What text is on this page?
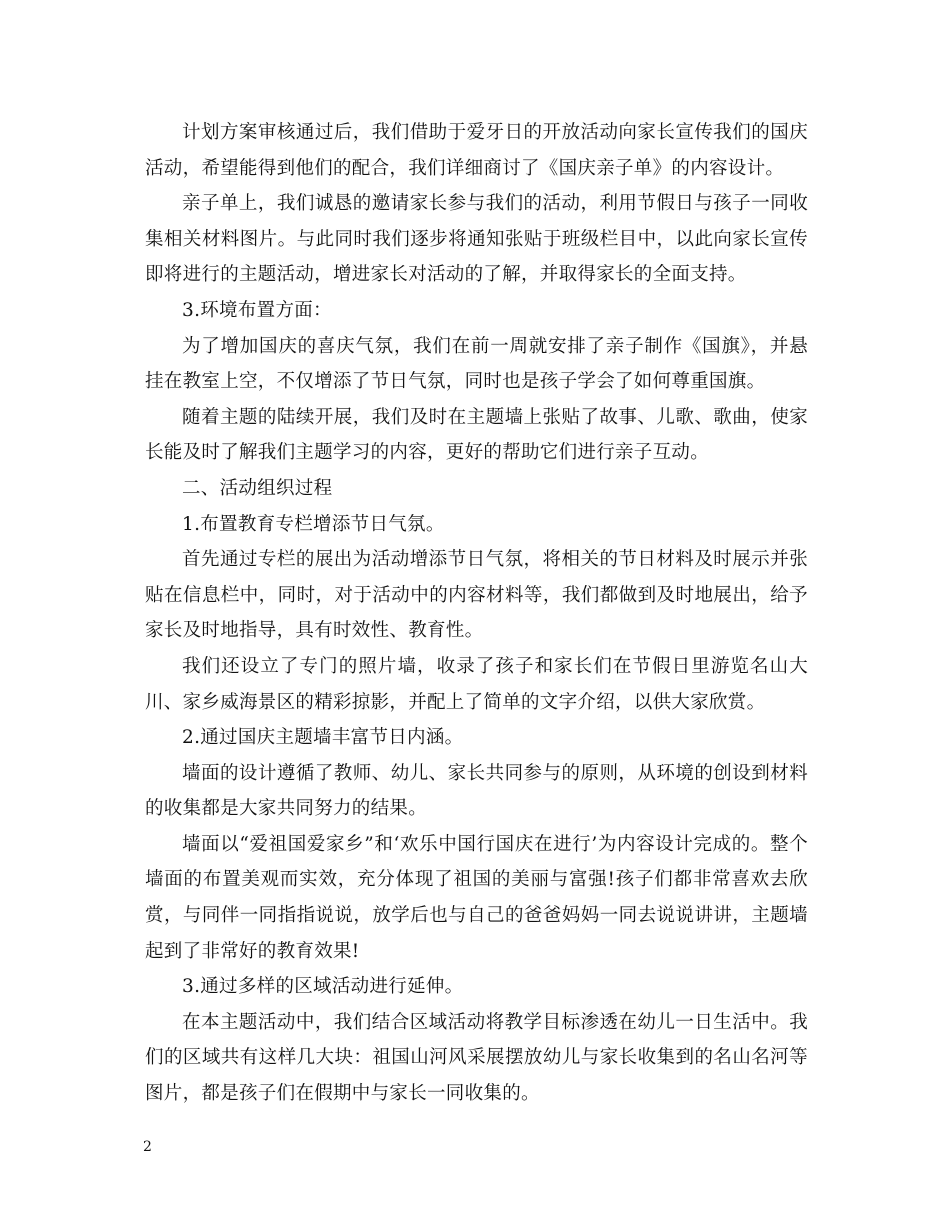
计划方案审核通过后，我们借助于爱牙日的开放活动向家长宣传我们的国庆活动，希望能得到他们的配合，我们详细商讨了《国庆亲子单》的内容设计。

亲子单上，我们诚恳的邀请家长参与我们的活动，利用节假日与孩子一同收集相关材料图片。与此同时我们逐步将通知张贴于班级栏目中，以此向家长宣传即将进行的主题活动，增进家长对活动的了解，并取得家长的全面支持。

3.环境布置方面：

为了增加国庆的喜庆气氛，我们在前一周就安排了亲子制作《国旗》，并悬挂在教室上空，不仅增添了节日气氛，同时也是孩子学会了如何尊重国旗。

随着主题的陆续开展，我们及时在主题墙上张贴了故事、儿歌、歌曲，使家长能及时了解我们主题学习的内容，更好的帮助它们进行亲子互动。

二、活动组织过程

1.布置教育专栏增添节日气氛。

首先通过专栏的展出为活动增添节日气氛，将相关的节日材料及时展示并张贴在信息栏中，同时，对于活动中的内容材料等，我们都做到及时地展出，给予家长及时地指导，具有时效性、教育性。

我们还设立了专门的照片墙，收录了孩子和家长们在节假日里游览名山大川、家乡威海景区的精彩掠影，并配上了简单的文字介绍，以供大家欣赏。

2.通过国庆主题墙丰富节日内涵。

墙面的设计遵循了教师、幼儿、家长共同参与的原则，从环境的创设到材料的收集都是大家共同努力的结果。

墙面以“爱祖国爱家乡”和‘欢乐中国行国庆在进行’为内容设计完成的。整个墙面的布置美观而实效，充分体现了祖国的美丽与富强!孩子们都非常喜欢去欣赏，与同伴一同指指说说，放学后也与自己的爸爸妈妈一同去说说讲讲，主题墙起到了非常好的教育效果!

3.通过多样的区域活动进行延伸。

在本主题活动中，我们结合区域活动将教学目标渗透在幼儿一日生活中。我们的区域共有这样几大块：祖国山河风采展摆放幼儿与家长收集到的名山名河等图片，都是孩子们在假期中与家长一同收集的。

2
